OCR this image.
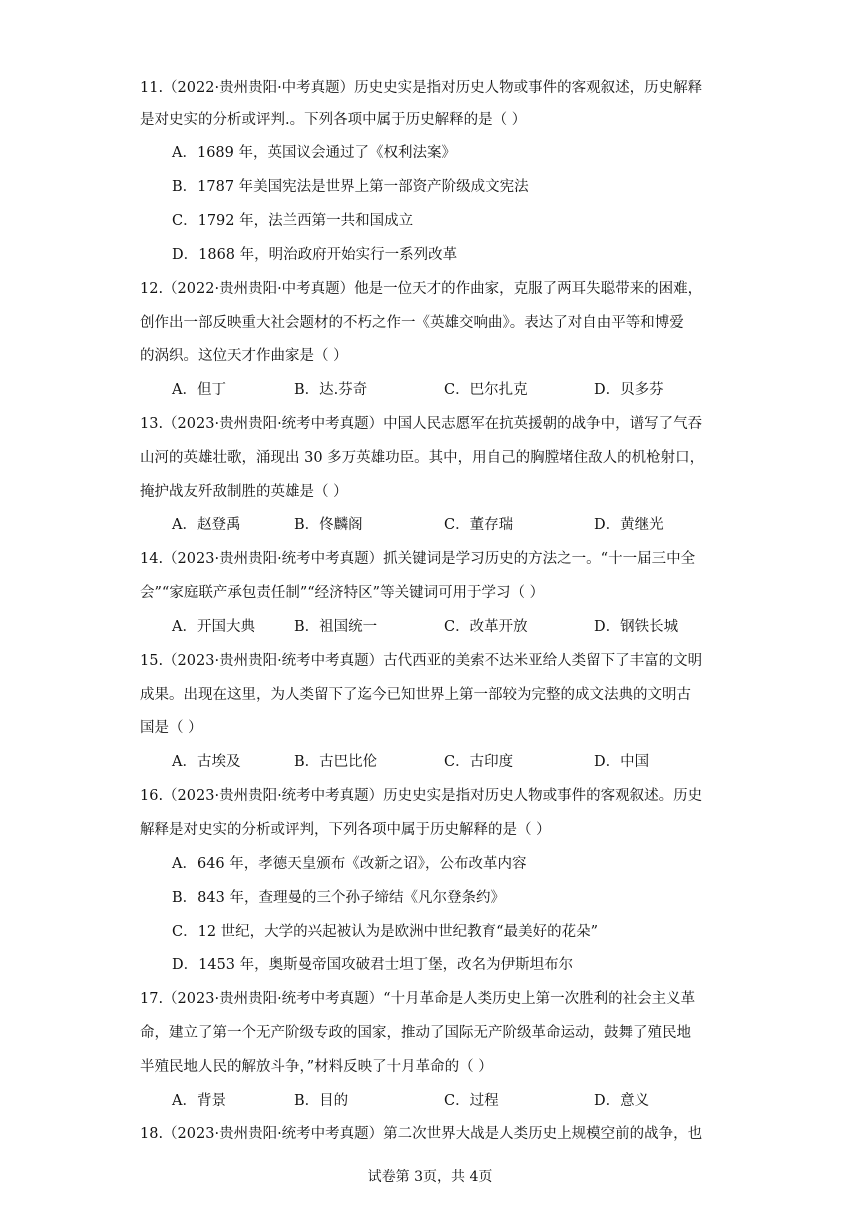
11.（2022·贵州贵阳·中考真题）历史史实是指对历史人物或事件的客观叙述，历史解释
是对史实的分析或评判.。下列各项中属于历史解释的是（ ）
A．1689 年，英国议会通过了《权利法案》
B．1787 年美国宪法是世界上第一部资产阶级成文宪法
C．1792 年，法兰西第一共和国成立
D．1868 年，明治政府开始实行一系列改革
12.（2022·贵州贵阳·中考真题）他是一位天才的作曲家，克服了两耳失聪带来的困难，
创作出一部反映重大社会题材的不朽之作一《英雄交响曲》。表达了对自由平等和博爱
的涡织。这位天才作曲家是（ ）
A．但丁	B．达.芬奇	C．巴尔扎克	D．贝多芬
13.（2023·贵州贵阳·统考中考真题）中国人民志愿军在抗英援朝的战争中，谱写了气吞
山河的英雄壮歌，涌现出 30 多万英雄功臣。其中，用自己的胸膛堵住敌人的机枪射口，
掩护战友歼敌制胜的英雄是（ ）
A．赵登禹	B．佟麟阁	C．董存瑞	D．黄继光
14.（2023·贵州贵阳·统考中考真题）抓关键词是学习历史的方法之一。“十一届三中全
会”“家庭联产承包责任制”“经济特区”等关键词可用于学习（ ）
A．开国大典	B．祖国统一	C．改革开放	D．钢铁长城
15.（2023·贵州贵阳·统考中考真题）古代西亚的美索不达米亚给人类留下了丰富的文明
成果。出现在这里，为人类留下了迄今已知世界上第一部较为完整的成文法典的文明古
国是（ ）
A．古埃及	B．古巴比伦	C．古印度	D．中国
16.（2023·贵州贵阳·统考中考真题）历史史实是指对历史人物或事件的客观叙述。历史
解释是对史实的分析或评判，下列各项中属于历史解释的是（ ）
A．646 年，孝德天皇颁布《改新之诏》，公布改革内容
B．843 年，查理曼的三个孙子缔结《凡尔登条约》
C．12 世纪，大学的兴起被认为是欧洲中世纪教育“最美好的花朵”
D．1453 年，奥斯曼帝国攻破君士坦丁堡，改名为伊斯坦布尔
17.（2023·贵州贵阳·统考中考真题）“十月革命是人类历史上第一次胜利的社会主义革
命，建立了第一个无产阶级专政的国家，推动了国际无产阶级革命运动，鼓舞了殖民地
半殖民地人民的解放斗争，”材料反映了十月革命的（ ）
A．背景	B．目的	C．过程	D．意义
18.（2023·贵州贵阳·统考中考真题）第二次世界大战是人类历史上规模空前的战争，也
试卷第 3页，共 4页
